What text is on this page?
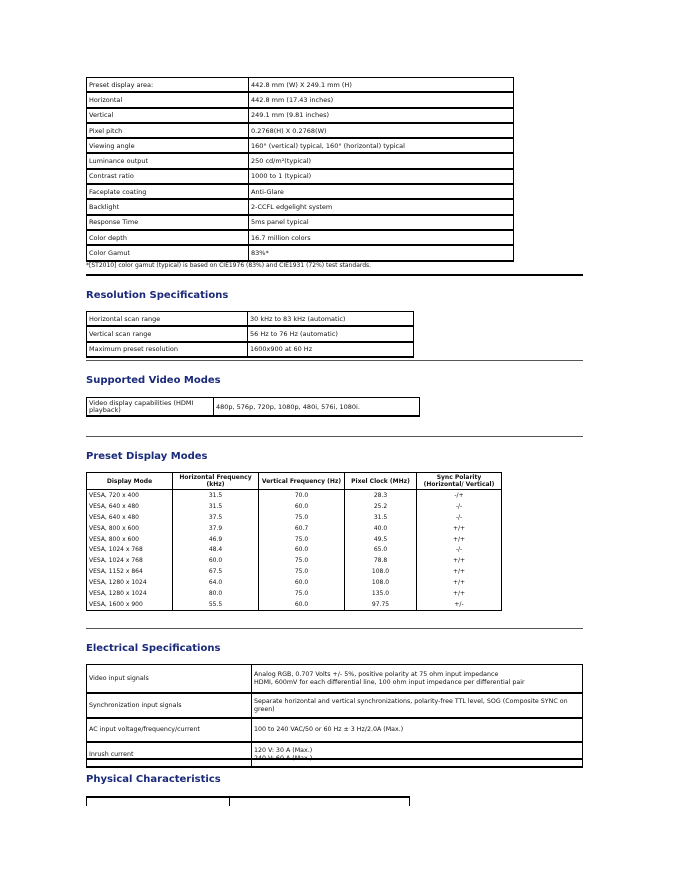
Preset display area:	442.8 mm (W) X 249.1 mm (H)
Horizontal	442.8 mm (17.43 inches)
Vertical	249.1 mm (9.81 inches)
Pixel pitch	0.2768(H) X 0.2768(W)
Viewing angle	160° (vertical) typical, 160° (horizontal) typical
Luminance output	250 cd/m²(typical)
Contrast ratio	1000 to 1 (typical)
Faceplate coating	Anti-Glare
Backlight	2-CCFL edgelight system
Response Time	5ms panel typical
Color depth	16.7 million colors
Color Gamut	83%*
*[ST2010] color gamut (typical) is based on CIE1976 (83%) and CIE1931 (72%) test standards.
Resolution Specifications
Horizontal scan range	30 kHz to 83 kHz (automatic)
Vertical scan range	56 Hz to 76 Hz (automatic)
Maximum preset resolution	1600x900 at 60 Hz
Supported Video Modes
Video display capabilities (HDMI playback)	480p, 576p, 720p, 1080p, 480i, 576i, 1080i.
Preset Display Modes
Display Mode	Horizontal Frequency (kHz)	Vertical Frequency (Hz)	Pixel Clock (MHz)	Sync Polarity (Horizontal/ Vertical)
VESA, 720 x 400	31.5	70.0	28.3	-/+
VESA, 640 x 480	31.5	60.0	25.2	-/-
VESA, 640 x 480	37.5	75.0	31.5	-/-
VESA, 800 x 600	37.9	60.7	40.0	+/+
VESA, 800 x 600	46.9	75.0	49.5	+/+
VESA, 1024 x 768	48.4	60.0	65.0	-/-
VESA, 1024 x 768	60.0	75.0	78.8	+/+
VESA, 1152 x 864	67.5	75.0	108.0	+/+
VESA, 1280 x 1024	64.0	60.0	108.0	+/+
VESA, 1280 x 1024	80.0	75.0	135.0	+/+
VESA, 1600 x 900	55.5	60.0	97.75	+/-
Electrical Specifications
Video input signals	Analog RGB, 0.707 Volts +/- 5%, positive polarity at 75 ohm input impedance
HDMI, 600mV for each differential line, 100 ohm input impedance per differential pair

Synchronization input signals	Separate horizontal and vertical synchronizations, polarity-free TTL level, SOG (Composite SYNC on green)

AC input voltage/frequency/current	100 to 240 VAC/50 or 60 Hz ± 3 Hz/2.0A (Max.)

Inrush current	120 V: 30 A (Max.)
240 V: 60 A (Max.)
Physical Characteristics
